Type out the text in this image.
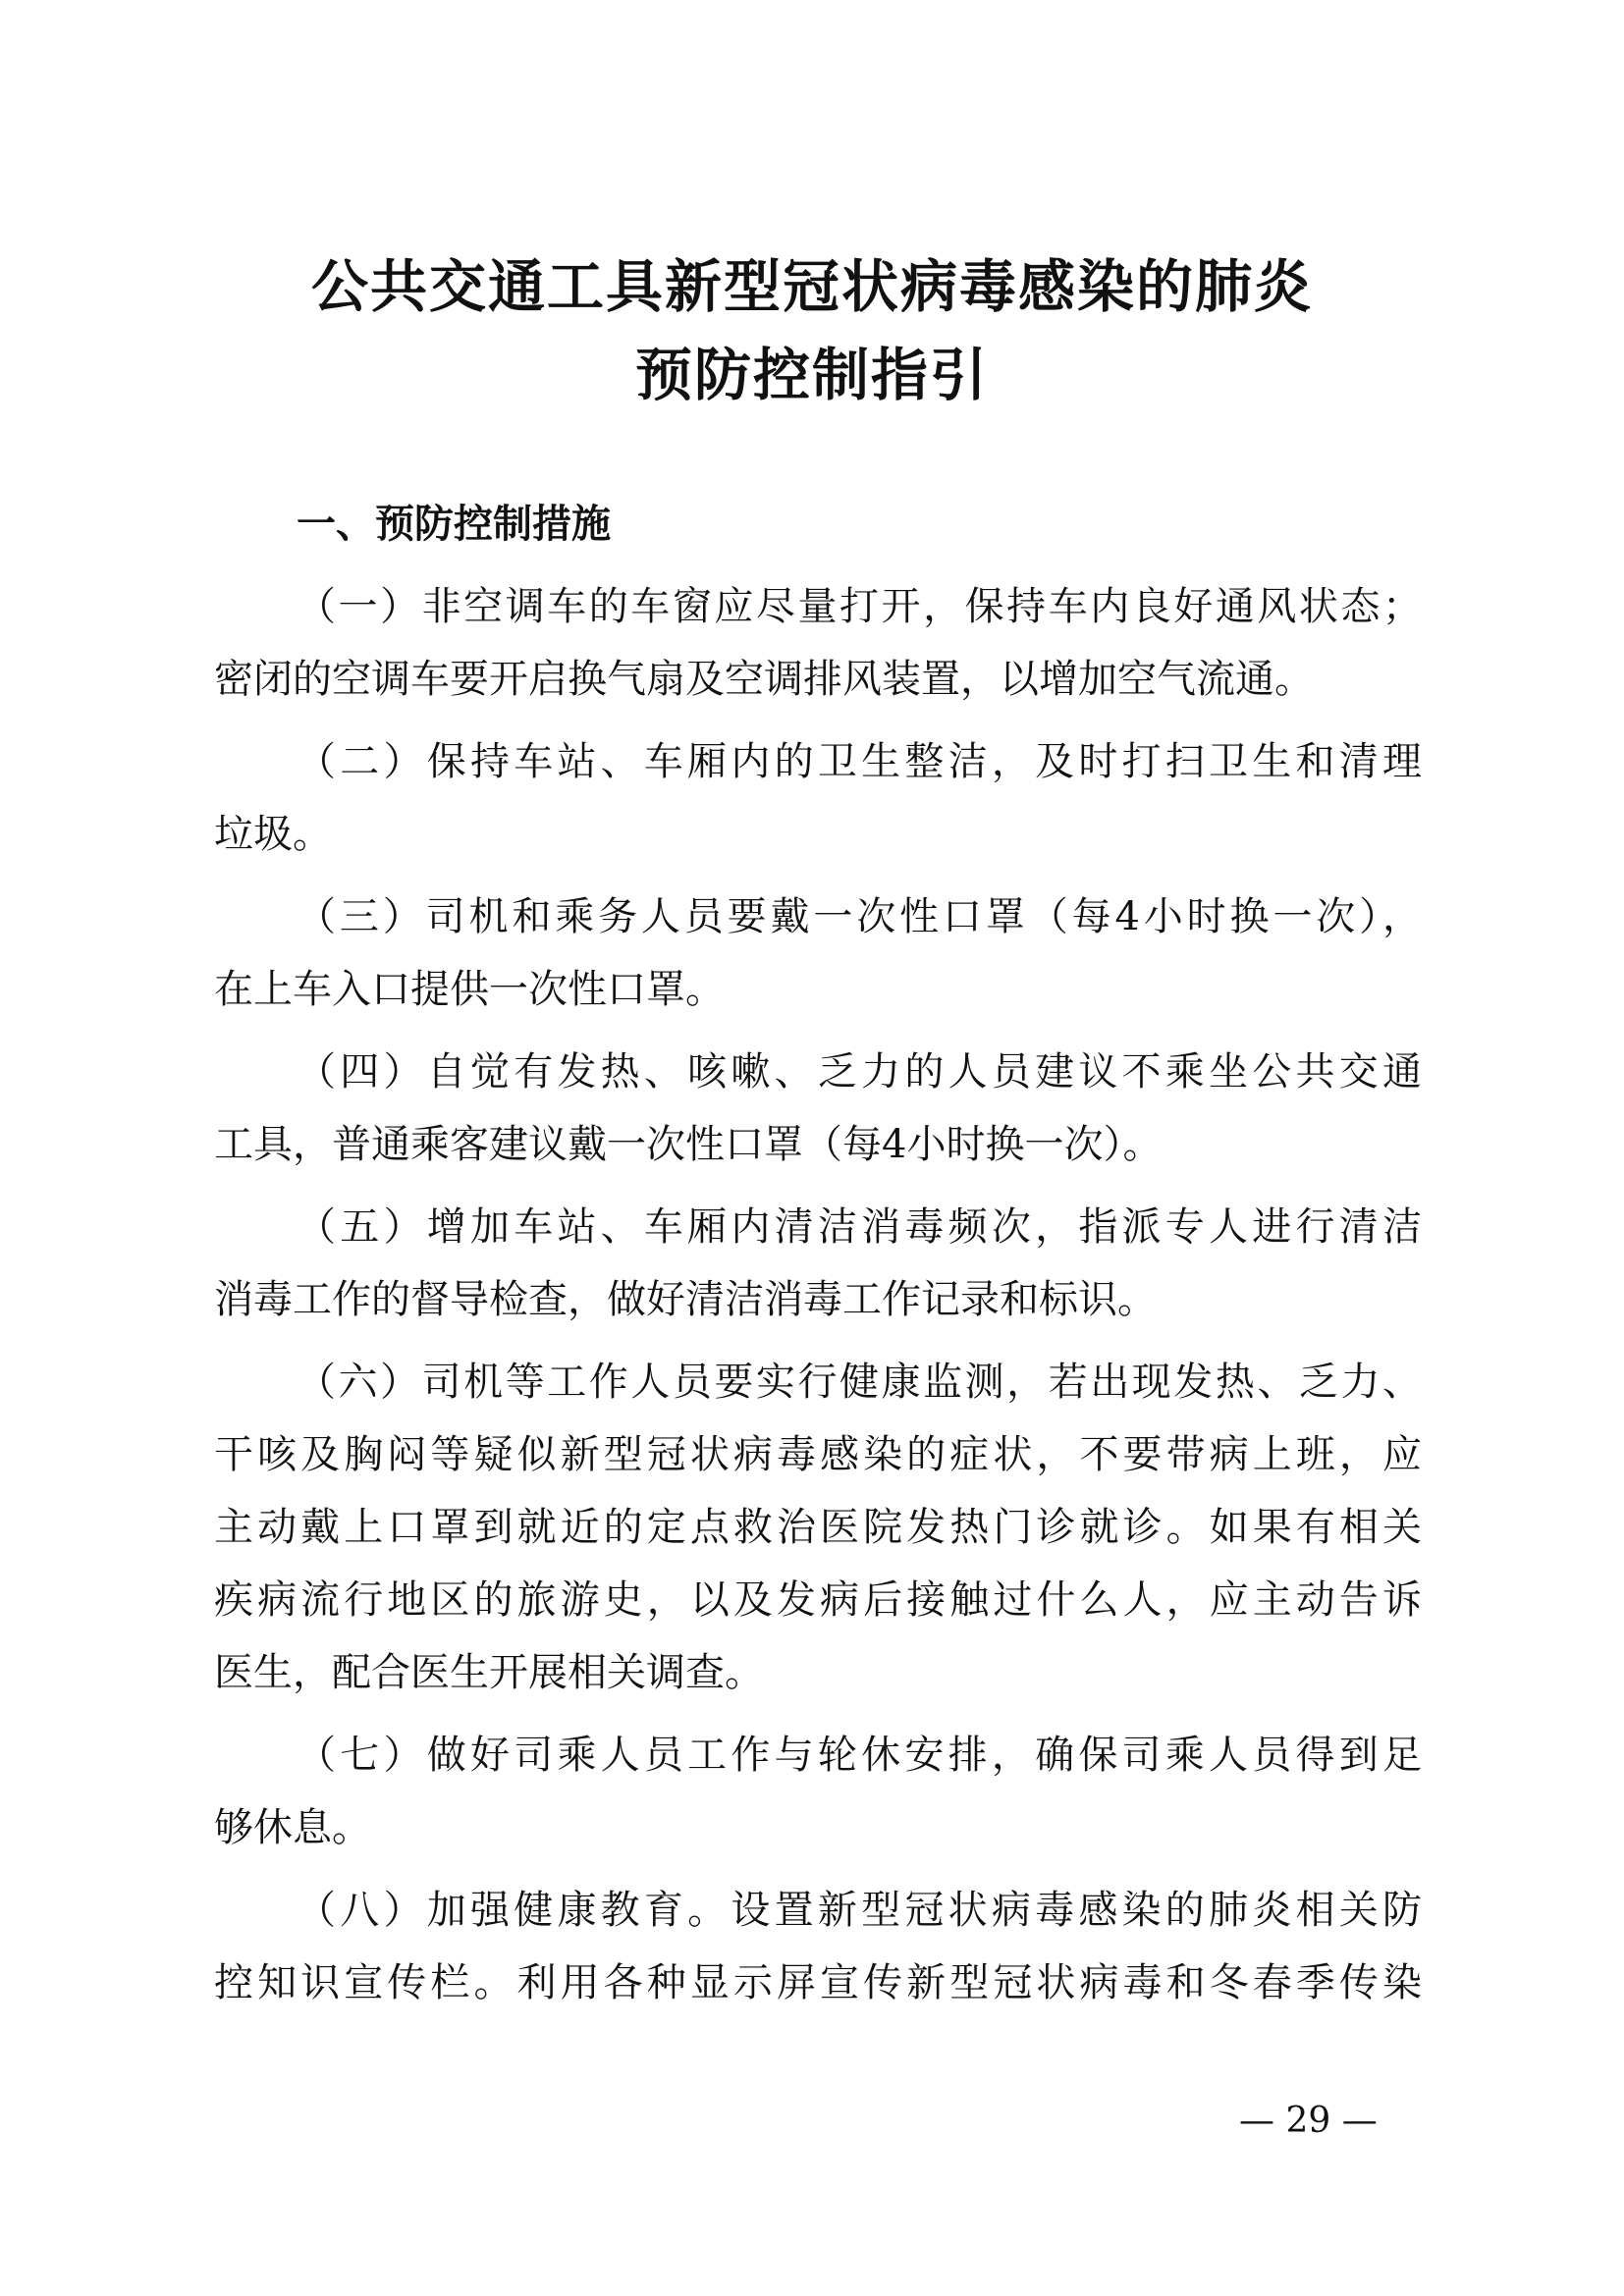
公共交通工具新型冠状病毒感染的肺炎
预防控制指引
一、预防控制措施
（一）非空调车的车窗应尽量打开，保持车内良好通风状态；
密闭的空调车要开启换气扇及空调排风装置，以增加空气流通。
（二）保持车站、车厢内的卫生整洁，及时打扫卫生和清理
垃圾。
（三）司机和乘务人员要戴一次性口罩（每4小时换一次），
在上车入口提供一次性口罩。
（四）自觉有发热、咳嗽、乏力的人员建议不乘坐公共交通
工具，普通乘客建议戴一次性口罩（每4小时换一次）。
（五）增加车站、车厢内清洁消毒频次，指派专人进行清洁
消毒工作的督导检查，做好清洁消毒工作记录和标识。
（六）司机等工作人员要实行健康监测，若出现发热、乏力、
干咳及胸闷等疑似新型冠状病毒感染的症状，不要带病上班，应
主动戴上口罩到就近的定点救治医院发热门诊就诊。如果有相关
疾病流行地区的旅游史，以及发病后接触过什么人，应主动告诉
医生，配合医生开展相关调查。
（七）做好司乘人员工作与轮休安排，确保司乘人员得到足
够休息。
（八）加强健康教育。设置新型冠状病毒感染的肺炎相关防
控知识宣传栏。利用各种显示屏宣传新型冠状病毒和冬春季传染
— 29 —
